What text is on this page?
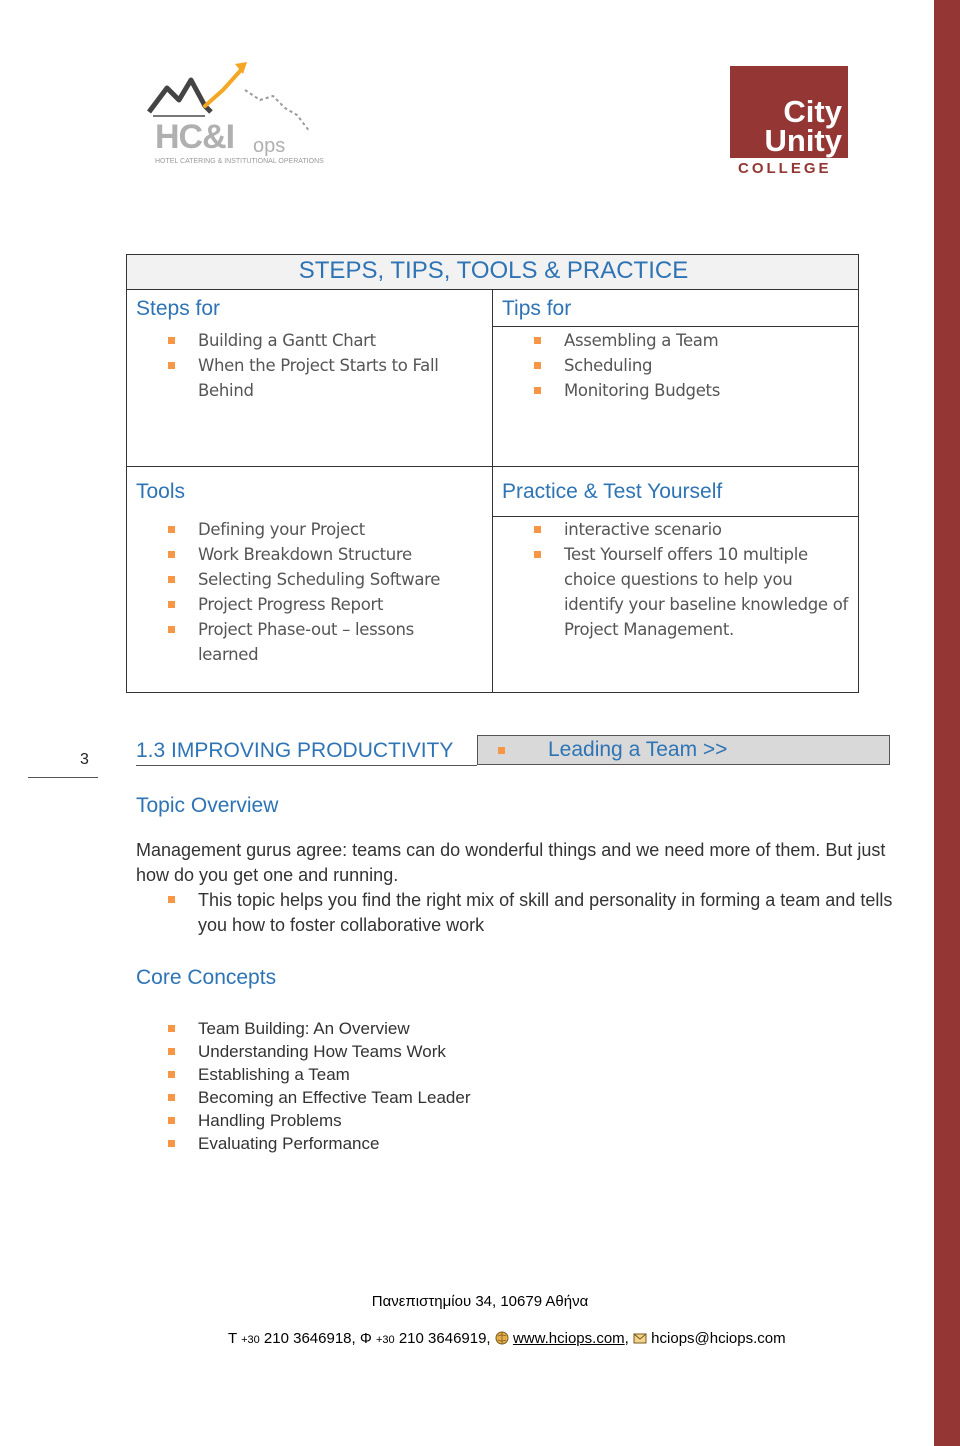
HC&I ops
HOTEL CATERING & INSTITUTIONAL OPERATIONS
City
Unity
COLLEGE
STEPS, TIPS, TOOLS & PRACTICE
Steps for	Tips for
Building a Gantt Chart
When the Project Starts to Fall Behind
Assembling a Team
Scheduling
Monitoring Budgets
Tools	Practice & Test Yourself
Defining your Project
Work Breakdown Structure
Selecting Scheduling Software
Project Progress Report
Project Phase-out – lessons learned
interactive scenario
Test Yourself offers 10 multiple choice questions to help you identify your baseline knowledge of Project Management.
3 1.3 IMPROVING PRODUCTIVITY	Leading a Team >>
Topic Overview
Management gurus agree: teams can do wonderful things and we need more of them. But just how do you get one and running.
This topic helps you find the right mix of skill and personality in forming a team and tells you how to foster collaborative work
Core Concepts
Team Building: An Overview
Understanding How Teams Work
Establishing a Team
Becoming an Effective Team Leader
Handling Problems
Evaluating Performance
Πανεπιστημίου 34, 10679 Αθήνα
T +30 210 3646918, Φ +30 210 3646919, www.hciops.com,  hciops@hciops.com
